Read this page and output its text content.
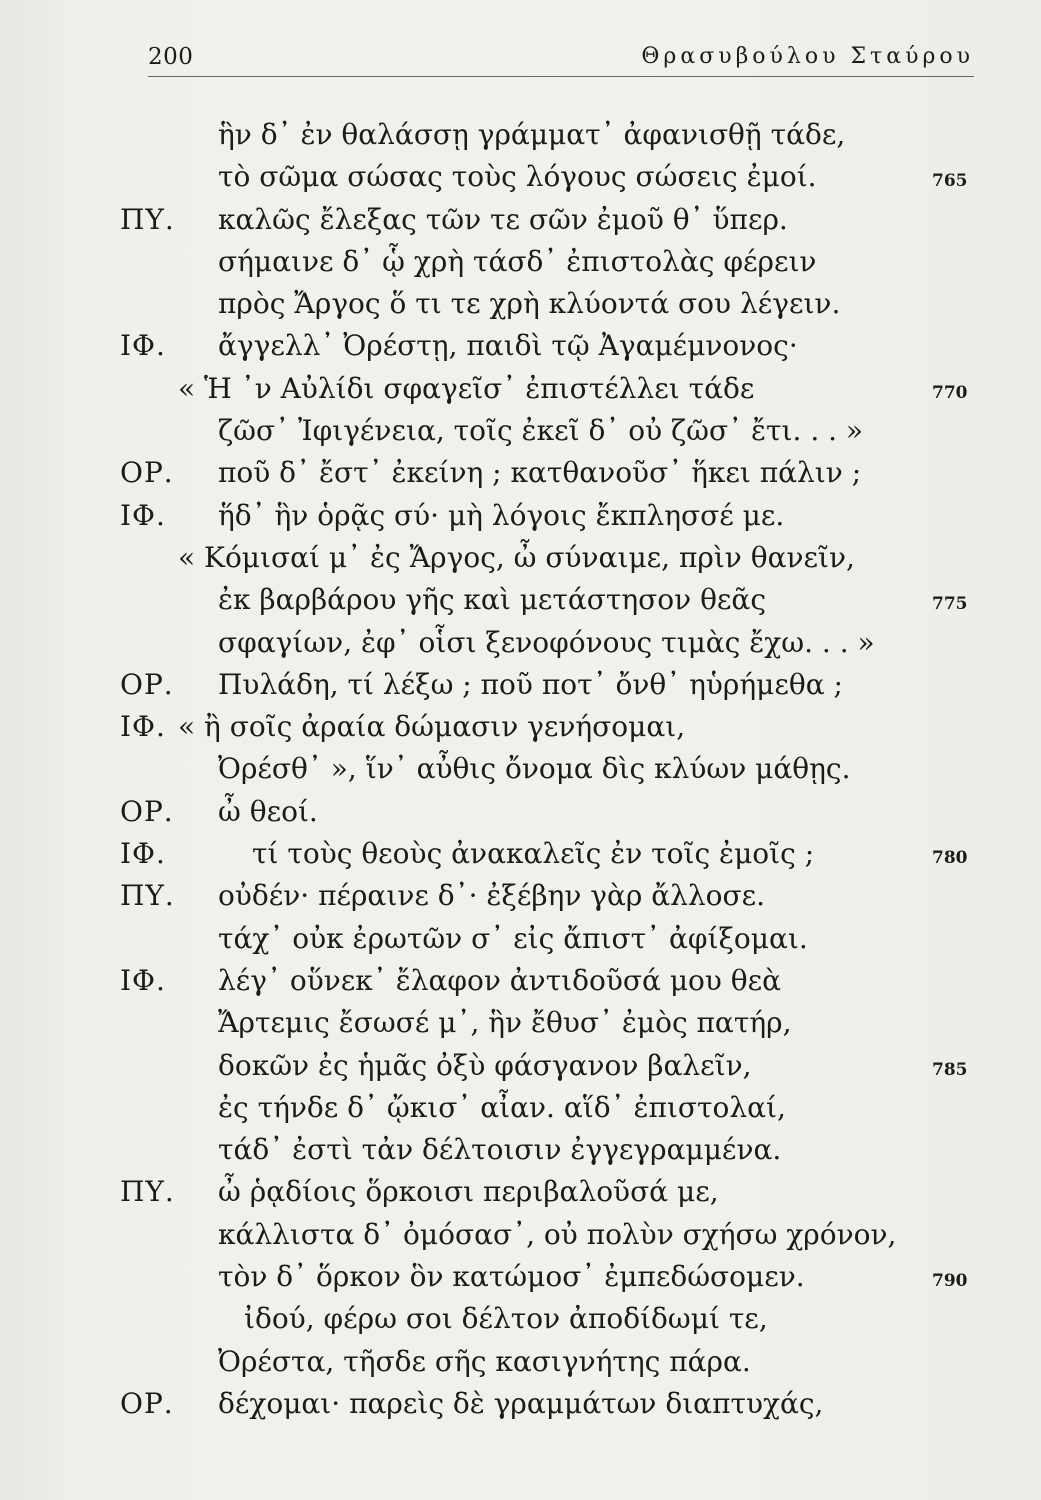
200	Θρασυβούλου Σταύρου
ἣν δ᾽ ἐν θαλάσσῃ γράμματ᾽ ἀφανισθῇ τάδε,
τὸ σῶμα σώσας τοὺς λόγους σώσεις ἐμοί.	765
ΠΥ. καλῶς ἔλεξας τῶν τε σῶν ἐμοῦ θ᾽ ὕπερ.
σήμαινε δ᾽ ᾧ χρὴ τάσδ᾽ ἐπιστολὰς φέρειν
πρὸς Ἄργος ὅ τι τε χρὴ κλύοντά σου λέγειν.
ΙΦ. ἄγγελλ᾽ Ὀρέστῃ, παιδὶ τῷ Ἀγαμέμνονος·
« Ἡ ᾽ν Αὐλίδι σφαγεῖσ᾽ ἐπιστέλλει τάδε	770
ζῶσ᾽ Ἰφιγένεια, τοῖς ἐκεῖ δ᾽ οὐ ζῶσ᾽ ἔτι. . . »
ΟΡ. ποῦ δ᾽ ἔστ᾽ ἐκείνη ; κατθανοῦσ᾽ ἥκει πάλιν ;
ΙΦ. ἥδ᾽ ἣν ὁρᾷς σύ· μὴ λόγοις ἔκπλησσέ με.
« Κόμισαί μ᾽ ἐς Ἄργος, ὦ σύναιμε, πρὶν θανεῖν,
ἐκ βαρβάρου γῆς καὶ μετάστησον θεᾶς	775
σφαγίων, ἐφ᾽ οἷσι ξενοφόνους τιμὰς ἔχω. . . »
ΟΡ. Πυλάδη, τί λέξω ; ποῦ ποτ᾽ ὄνθ᾽ ηὑρήμεθα ;
ΙΦ. « ἢ σοῖς ἀραία δώμασιν γενήσομαι,
Ὀρέσθ᾽ », ἵν᾽ αὖθις ὄνομα δὶς κλύων μάθῃς.
ΟΡ. ὦ θεοί.
ΙΦ.	τί τοὺς θεοὺς ἀνακαλεῖς ἐν τοῖς ἐμοῖς ;	780
ΠΥ. οὐδέν· πέραινε δ᾽· ἐξέβην γὰρ ἄλλοσε.
τάχ᾽ οὐκ ἐρωτῶν σ᾽ εἰς ἄπιστ᾽ ἀφίξομαι.
ΙΦ. λέγ᾽ οὕνεκ᾽ ἔλαφον ἀντιδοῦσά μου θεὰ
Ἄρτεμις ἔσωσέ μ᾽, ἣν ἔθυσ᾽ ἐμὸς πατήρ,
δοκῶν ἐς ἡμᾶς ὀξὺ φάσγανον βαλεῖν,	785
ἐς τήνδε δ᾽ ᾤκισ᾽ αἶαν. αἵδ᾽ ἐπιστολαί,
τάδ᾽ ἐστὶ τἀν δέλτοισιν ἐγγεγραμμένα.
ΠΥ. ὦ ῥᾳδίοις ὅρκοισι περιβαλοῦσά με,
κάλλιστα δ᾽ ὀμόσασ᾽, οὐ πολὺν σχήσω χρόνον,
τὸν δ᾽ ὅρκον ὃν κατώμοσ᾽ ἐμπεδώσομεν.	790
ἰδού, φέρω σοι δέλτον ἀποδίδωμί τε,
Ὀρέστα, τῆσδε σῆς κασιγνήτης πάρα.
ΟΡ. δέχομαι· παρεὶς δὲ γραμμάτων διαπτυχάς,
